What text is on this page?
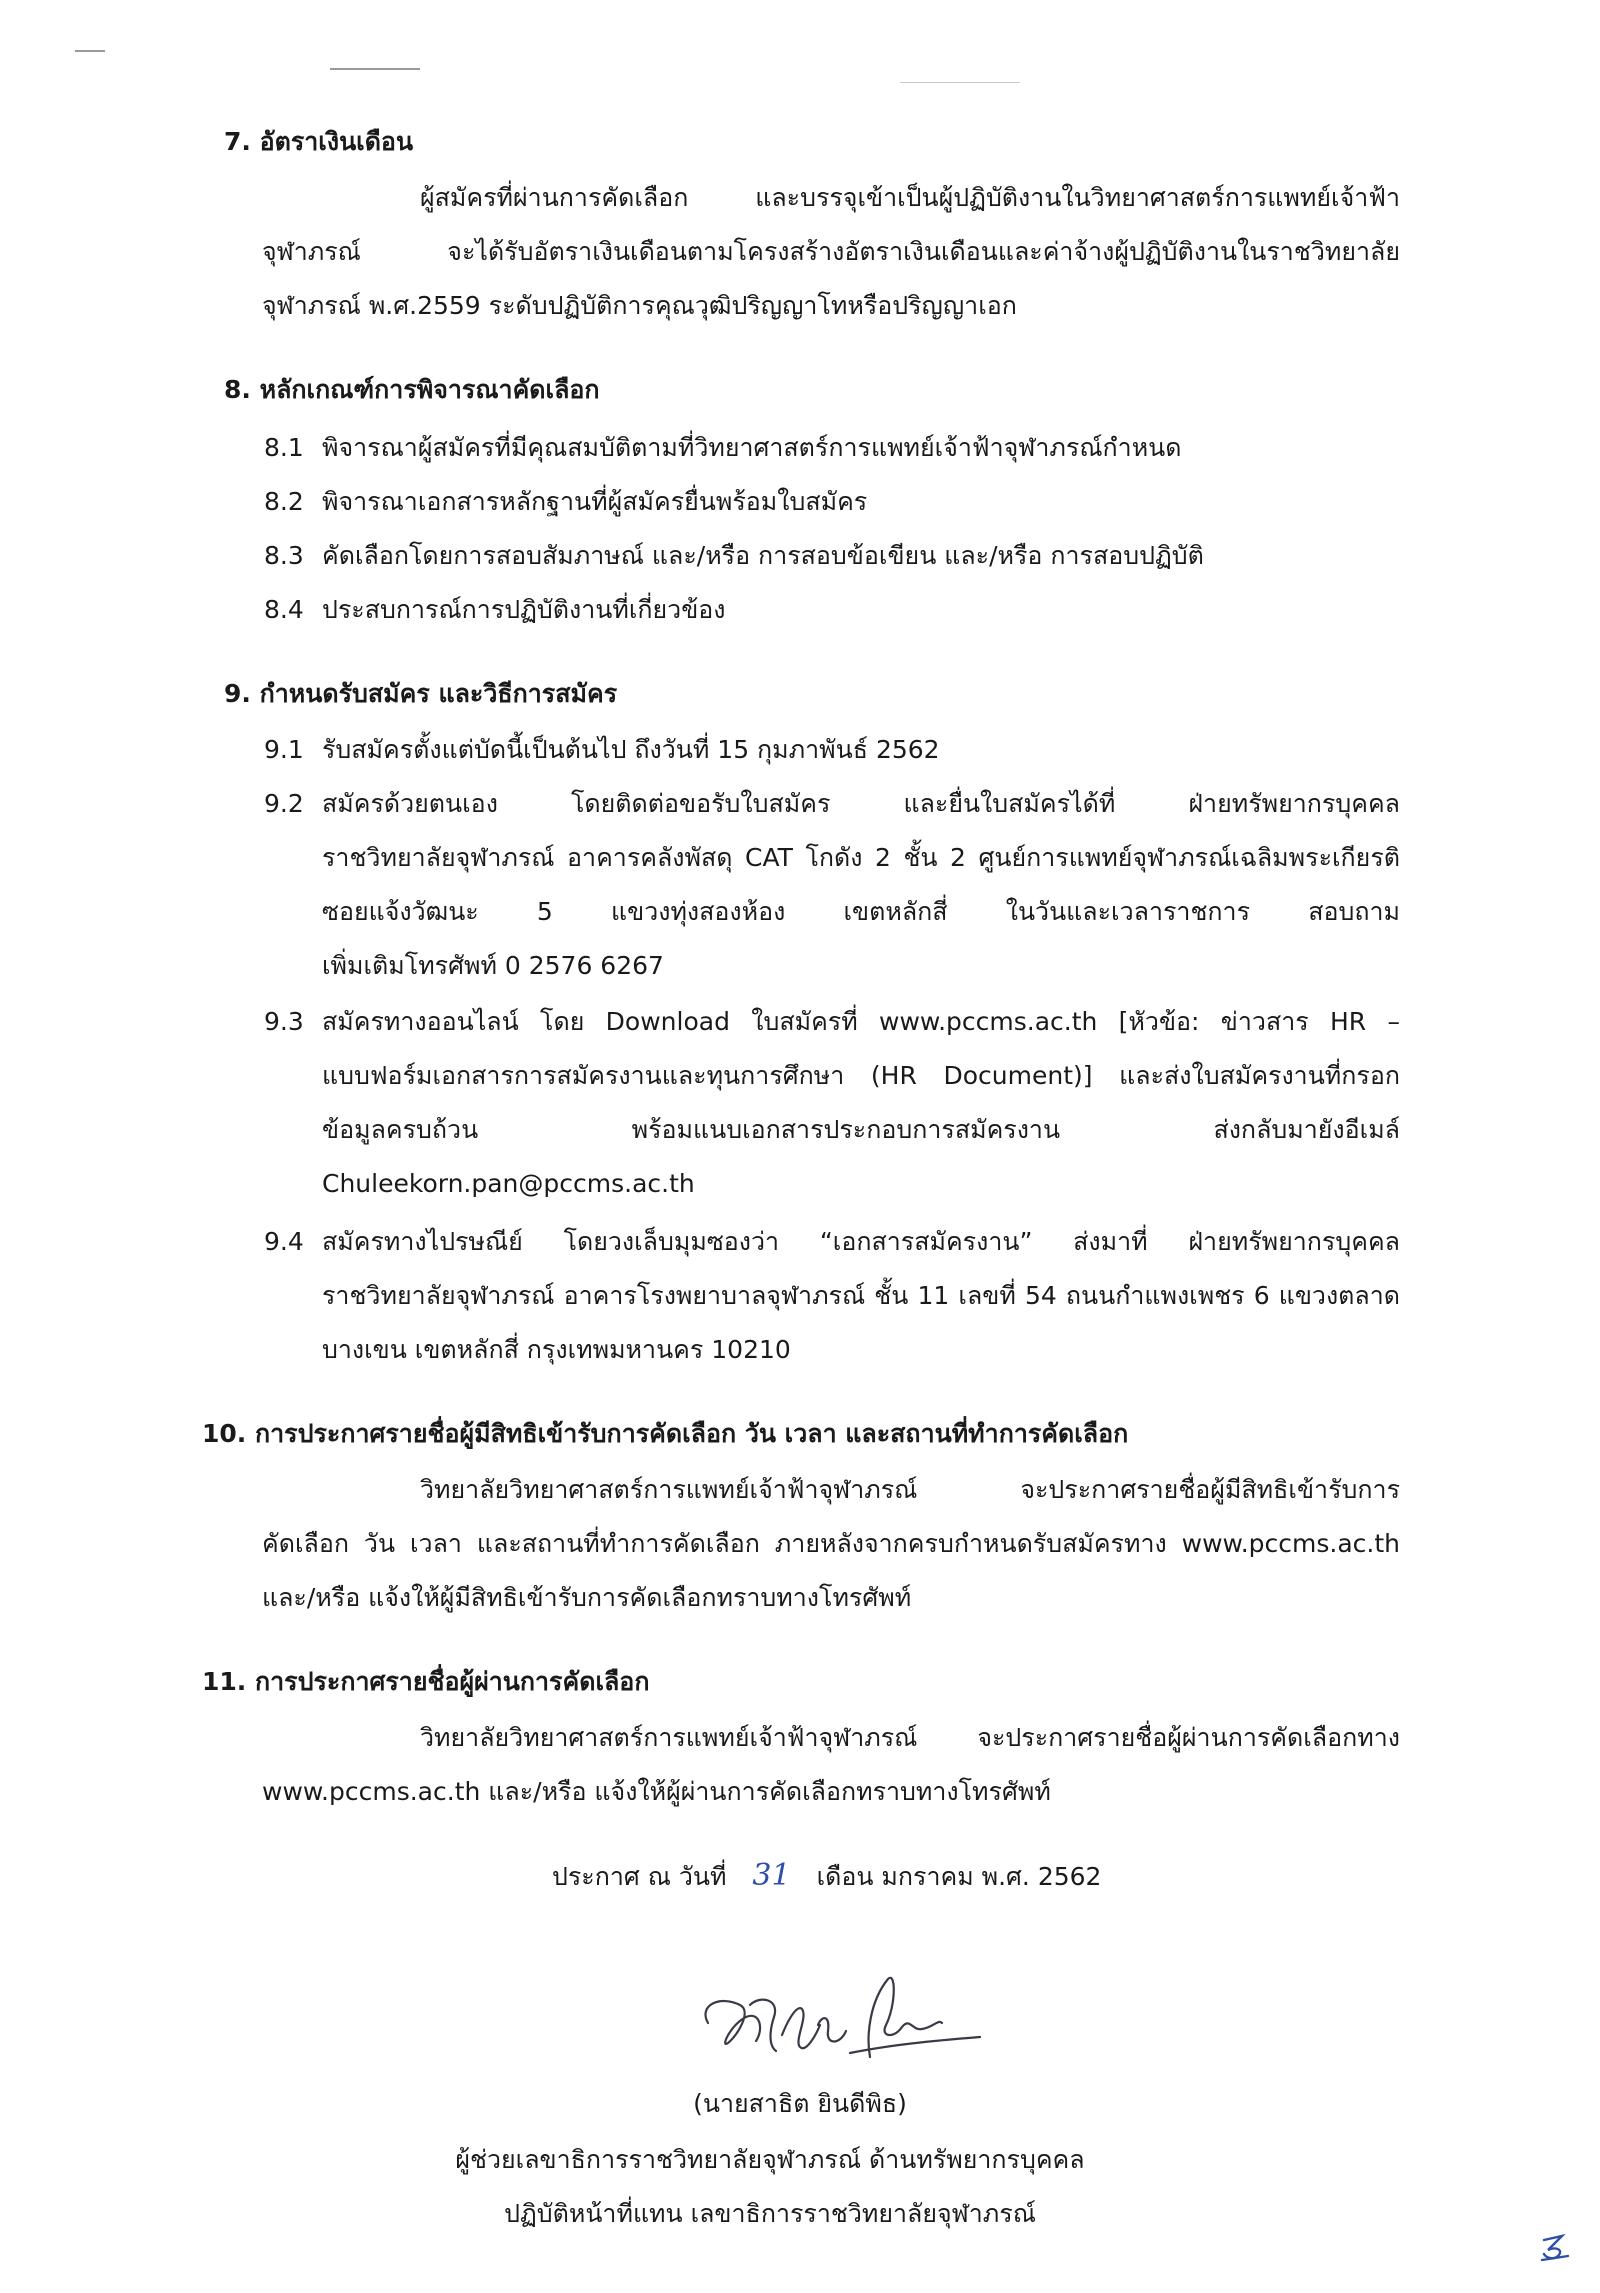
7. อัตราเงินเดือน
ผู้สมัครที่ผ่านการคัดเลือก และบรรจุเข้าเป็นผู้ปฏิบัติงานในวิทยาศาสตร์การแพทย์เจ้าฟ้า
จุฬาภรณ์ จะได้รับอัตราเงินเดือนตามโครงสร้างอัตราเงินเดือนและค่าจ้างผู้ปฏิบัติงานในราชวิทยาลัย
จุฬาภรณ์ พ.ศ.2559 ระดับปฏิบัติการคุณวุฒิปริญญาโทหรือปริญญาเอก
8. หลักเกณฑ์การพิจารณาคัดเลือก
8.1 พิจารณาผู้สมัครที่มีคุณสมบัติตามที่วิทยาศาสตร์การแพทย์เจ้าฟ้าจุฬาภรณ์กำหนด
8.2 พิจารณาเอกสารหลักฐานที่ผู้สมัครยื่นพร้อมใบสมัคร
8.3 คัดเลือกโดยการสอบสัมภาษณ์ และ/หรือ การสอบข้อเขียน และ/หรือ การสอบปฏิบัติ
8.4 ประสบการณ์การปฏิบัติงานที่เกี่ยวข้อง
9. กำหนดรับสมัคร และวิธีการสมัคร
9.1 รับสมัครตั้งแต่บัดนี้เป็นต้นไป ถึงวันที่ 15 กุมภาพันธ์ 2562
9.2 สมัครด้วยตนเอง โดยติดต่อขอรับใบสมัคร และยื่นใบสมัครได้ที่ ฝ่ายทรัพยากรบุคคล
ราชวิทยาลัยจุฬาภรณ์ อาคารคลังพัสดุ CAT โกดัง 2 ชั้น 2 ศูนย์การแพทย์จุฬาภรณ์เฉลิมพระเกียรติ
ซอยแจ้งวัฒนะ 5 แขวงทุ่งสองห้อง เขตหลักสี่ ในวันและเวลาราชการ สอบถาม
เพิ่มเติมโทรศัพท์ 0 2576 6267
9.3 สมัครทางออนไลน์ โดย Download ใบสมัครที่ www.pccms.ac.th [หัวข้อ: ข่าวสาร HR –
แบบฟอร์มเอกสารการสมัครงานและทุนการศึกษา (HR Document)] และส่งใบสมัครงานที่กรอก
ข้อมูลครบถ้วน พร้อมแนบเอกสารประกอบการสมัครงาน ส่งกลับมายังอีเมล์
Chuleekorn.pan@pccms.ac.th
9.4 สมัครทางไปรษณีย์ โดยวงเล็บมุมซองว่า “เอกสารสมัครงาน” ส่งมาที่ ฝ่ายทรัพยากรบุคคล
ราชวิทยาลัยจุฬาภรณ์ อาคารโรงพยาบาลจุฬาภรณ์ ชั้น 11 เลขที่ 54 ถนนกำแพงเพชร 6 แขวงตลาด
บางเขน เขตหลักสี่ กรุงเทพมหานคร 10210
10. การประกาศรายชื่อผู้มีสิทธิเข้ารับการคัดเลือก วัน เวลา และสถานที่ทำการคัดเลือก
วิทยาลัยวิทยาศาสตร์การแพทย์เจ้าฟ้าจุฬาภรณ์ จะประกาศรายชื่อผู้มีสิทธิเข้ารับการ
คัดเลือก วัน เวลา และสถานที่ทำการคัดเลือก ภายหลังจากครบกำหนดรับสมัครทาง www.pccms.ac.th
และ/หรือ แจ้งให้ผู้มีสิทธิเข้ารับการคัดเลือกทราบทางโทรศัพท์
11. การประกาศรายชื่อผู้ผ่านการคัดเลือก
วิทยาลัยวิทยาศาสตร์การแพทย์เจ้าฟ้าจุฬาภรณ์ จะประกาศรายชื่อผู้ผ่านการคัดเลือกทาง
www.pccms.ac.th และ/หรือ แจ้งให้ผู้ผ่านการคัดเลือกทราบทางโทรศัพท์
ประกาศ ณ วันที่ 31 เดือน มกราคม พ.ศ. 2562
(นายสาธิต ยินดีพิธ)
ผู้ช่วยเลขาธิการราชวิทยาลัยจุฬาภรณ์ ด้านทรัพยากรบุคคล
ปฏิบัติหน้าที่แทน เลขาธิการราชวิทยาลัยจุฬาภรณ์
